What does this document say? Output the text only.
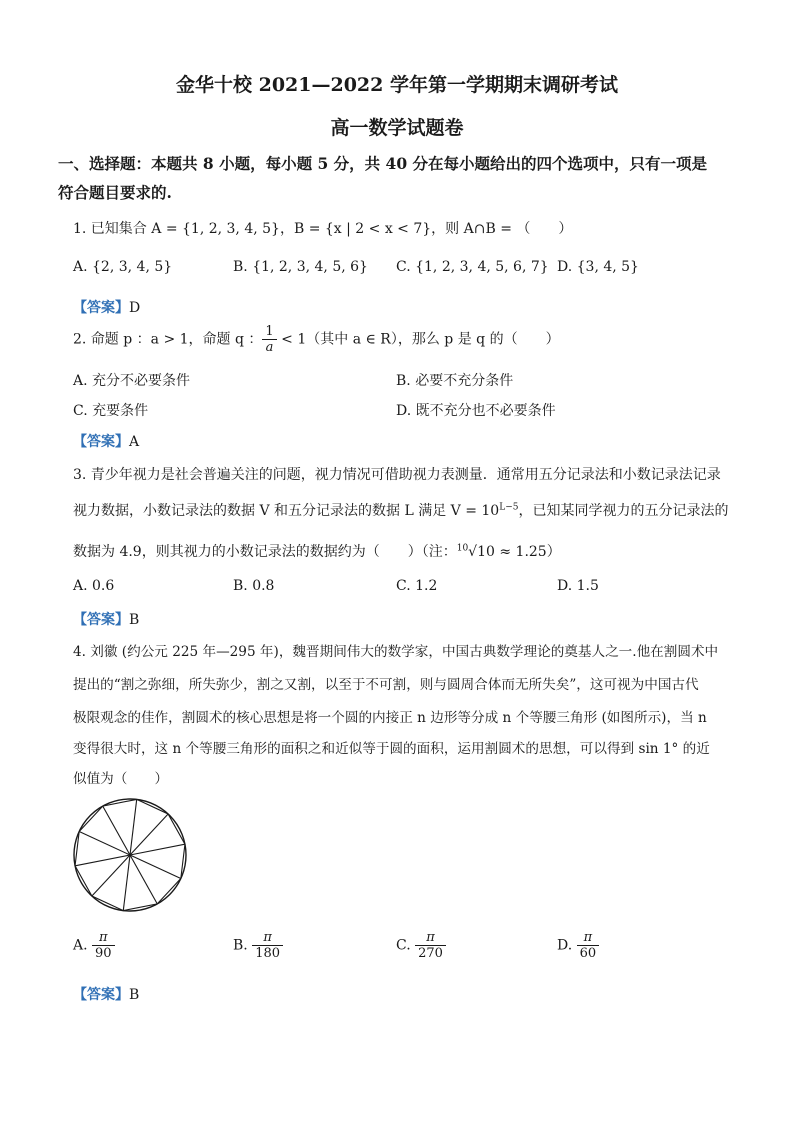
金华十校 2021—2022 学年第一学期期末调研考试
高一数学试题卷
一、选择题：本题共 8 小题，每小题 5 分，共 40 分在每小题给出的四个选项中，只有一项是
符合题目要求的.
1. 已知集合 A = {1, 2, 3, 4, 5}，B = {x | 2 < x < 7}，则 A∩B = （　　）
A. {2, 3, 4, 5}	B. {1, 2, 3, 4, 5, 6} C. {1, 2, 3, 4, 5, 6, 7} D. {3, 4, 5}
【答案】D
2. 命题 p ：a > 1，命题 q ： $\frac{1}{a} < 1$（其中 a ∈ R），那么 p 是 q 的（　　）
A. 充分不必要条件	B. 必要不充分条件
C. 充要条件	D. 既不充分也不必要条件
【答案】A
3. 青少年视力是社会普遍关注的问题，视力情况可借助视力表测量．通常用五分记录法和小数记录法记录
视力数据，小数记录法的数据 V 和五分记录法的数据 L 满足 $V = 10^{L-5}$，已知某同学视力的五分记录法的
数据为 4.9，则其视力的小数记录法的数据约为（　　）（注：$^{10}$√10 ≈ 1.25）
A. 0.6	B. 0.8	C. 1.2	D. 1.5
【答案】B
4. 刘徽 (约公元 225 年—295 年)，魏晋期间伟大的数学家，中国古典数学理论的奠基人之一.他在割圆术中
提出的“割之弥细，所失弥少，割之又割，以至于不可割，则与圆周合体而无所失矣”，这可视为中国古代
极限观念的佳作，割圆术的核心思想是将一个圆的内接正 n 边形等分成 n 个等腰三角形 (如图所示)，当 n
变得很大时，这 n 个等腰三角形的面积之和近似等于圆的面积，运用割圆术的思想，可以得到 sin 1° 的近
似值为（　　）
A. $\frac{\pi}{90}$	B. $\frac{\pi}{180}$	C. $\frac{\pi}{270}$	D. $\frac{\pi}{60}$
【答案】B
